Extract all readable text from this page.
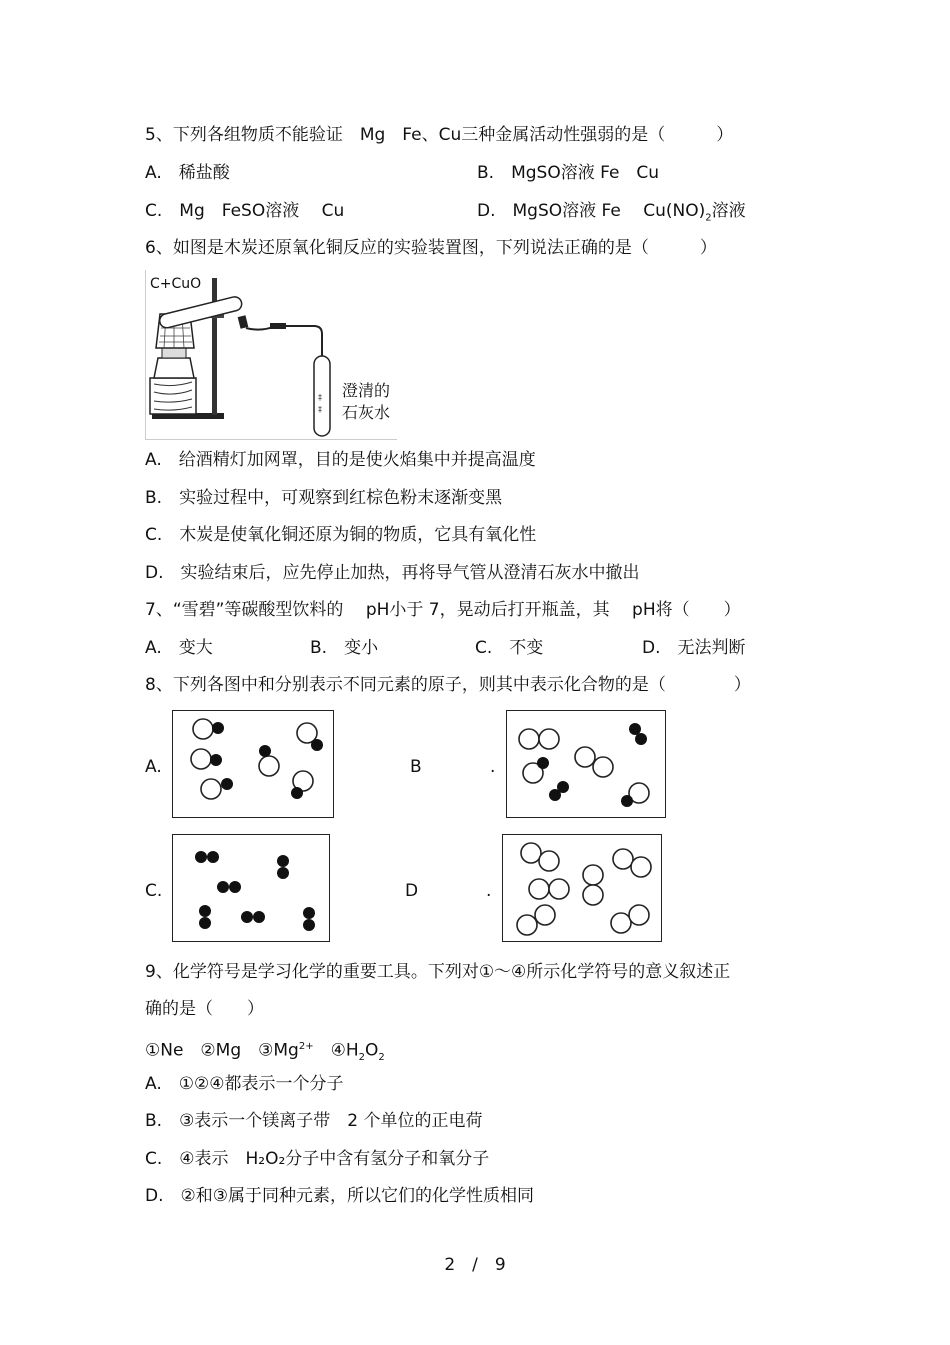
5、下列各组物质不能验证　Mg　Fe、Cu三种金属活动性强弱的是（　　　）
A.　稀盐酸	B.　MgSO溶液 Fe　Cu
C.　Mg　FeSO溶液　 Cu	D.　MgSO溶液 Fe　 $Cu(NO)_2$溶液
6、如图是木炭还原氧化铜反应的实验装置图，下列说法正确的是（　　　）
‡
‡
C+CuO
澄清的
石灰水
A.　给酒精灯加网罩，目的是使火焰集中并提高温度
B.　实验过程中，可观察到红棕色粉末逐渐变黑
C.　木炭是使氧化铜还原为铜的物质，它具有氧化性
D.　实验结束后，应先停止加热，再将导气管从澄清石灰水中撤出
7、“雪碧”等碳酸型饮料的　 pH小于 7，晃动后打开瓶盖，其　 pH将（　　）
A.　变大	B.　变小	C.　不变	D.　无法判断
8、下列各图中和分别表示不同元素的原子，则其中表示化合物的是（　　　　）
A.	B	.
C.	D	.
9、化学符号是学习化学的重要工具。下列对①～④所示化学符号的意义叙述正
确的是（　　）
①Ne　②Mg　$③Mg^{2+}$　$④H_2O_2$
A.　①②④都表示一个分子
B.　③表示一个镁离子带　2 个单位的正电荷
C.　④表示　H₂O₂分子中含有氢分子和氧分子
D.　②和③属于同种元素，所以它们的化学性质相同
2　/　9
